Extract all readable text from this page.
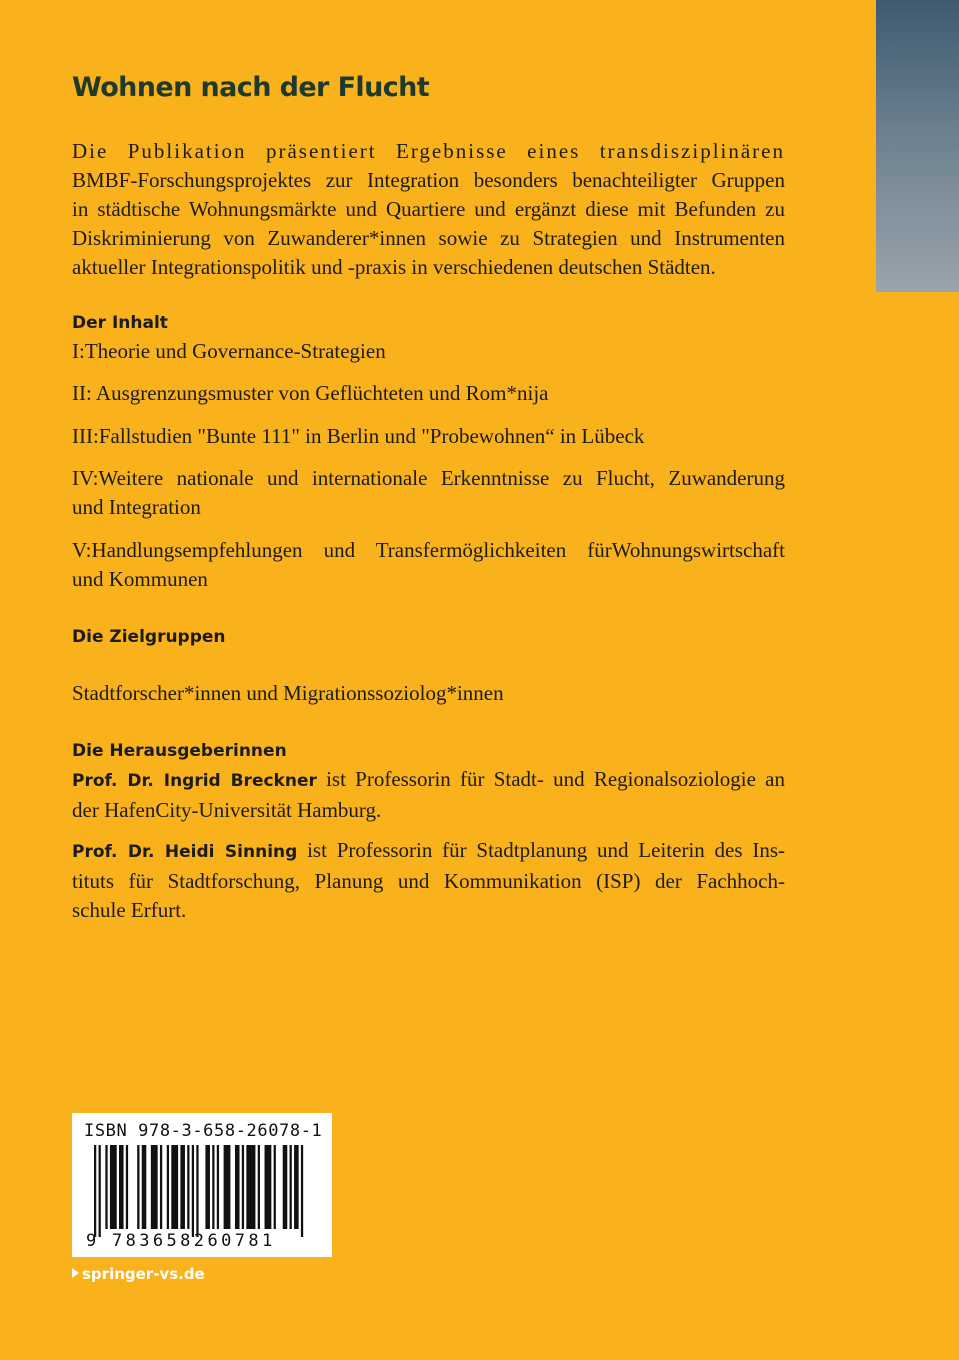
Wohnen nach der Flucht

Die Publikation präsentiert Ergebnisse eines transdisziplinären

BMBF-Forschungsprojektes zur Integration besonders benachteiligter Gruppen

in städtische Wohnungsmärkte und Quartiere und ergänzt diese mit Befunden zu

Diskriminierung von Zuwanderer*innen sowie zu Strategien und Instrumenten

aktueller Integrationspolitik und -praxis in verschiedenen deutschen Städten.

Der Inhalt

I:Theorie und Governance-Strategien

II: Ausgrenzungsmuster von Geflüchteten und Rom*nija

III:Fallstudien "Bunte 111" in Berlin und "Probewohnen“ in Lübeck

IV:Weitere nationale und internationale Erkenntnisse zu Flucht, Zuwanderung

und Integration

V:Handlungsempfehlungen und Transfermöglichkeiten fürWohnungswirtschaft

und Kommunen

Die Zielgruppen

Stadtforscher*innen und Migrationssoziolog*innen

Die Herausgeberinnen

Prof. Dr. Ingrid Breckner ist Professorin für Stadt- und Regionalsoziologie an

der HafenCity-Universität Hamburg.

Prof. Dr. Heidi Sinning ist Professorin für Stadtplanung und Leiterin des Ins-

tituts für Stadtforschung, Planung und Kommunikation (ISP) der Fachhoch-

schule Erfurt.

ISBN 978-3-658-26078-1
9 783658260781
springer-vs.de
